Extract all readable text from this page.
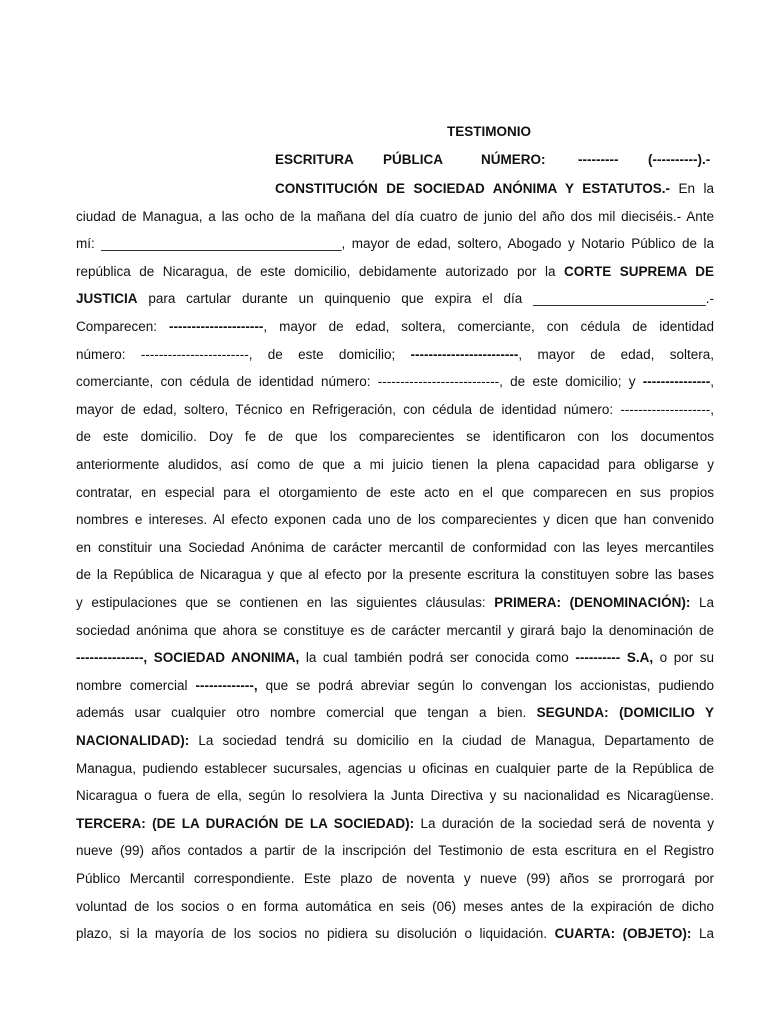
TESTIMONIO
ESCRITURA PÚBLICA	NÚMERO: --------- (----------).-
CONSTITUCIÓN DE SOCIEDAD ANÓNIMA Y ESTATUTOS.- En la
ciudad de Managua, a las ocho de la mañana del día cuatro de junio del año dos mil dieciséis.- Ante
mí: ________________________________, mayor de edad, soltero, Abogado y Notario Público de la
república de Nicaragua, de este domicilio, debidamente autorizado por la CORTE SUPREMA DE
JUSTICIA para cartular durante un quinquenio que expira el día _______________________.-
Comparecen: ---------------------, mayor de edad, soltera, comerciante, con cédula de identidad
número: ------------------------, de este domicilio; ------------------------, mayor de edad, soltera,
comerciante, con cédula de identidad número: ---------------------------, de este domicilio; y ---------------,
mayor de edad, soltero, Técnico en Refrigeración, con cédula de identidad número: --------------------,
de este domicilio. Doy fe de que los comparecientes se identificaron con los documentos
anteriormente aludidos, así como de que a mi juicio tienen la plena capacidad para obligarse y
contratar, en especial para el otorgamiento de este acto en el que comparecen en sus propios
nombres e intereses. Al efecto exponen cada uno de los comparecientes y dicen que han convenido
en constituir una Sociedad Anónima de carácter mercantil de conformidad con las leyes mercantiles
de la República de Nicaragua y que al efecto por la presente escritura la constituyen sobre las bases
y estipulaciones que se contienen en las siguientes cláusulas: PRIMERA: (DENOMINACIÓN): La
sociedad anónima que ahora se constituye es de carácter mercantil y girará bajo la denominación de
---------------, SOCIEDAD ANONIMA, la cual también podrá ser conocida como ---------- S.A, o por su
nombre comercial -------------, que se podrá abreviar según lo convengan los accionistas, pudiendo
además usar cualquier otro nombre comercial que tengan a bien. SEGUNDA: (DOMICILIO Y
NACIONALIDAD): La sociedad tendrá su domicilio en la ciudad de Managua, Departamento de
Managua, pudiendo establecer sucursales, agencias u oficinas en cualquier parte de la República de
Nicaragua o fuera de ella, según lo resolviera la Junta Directiva y su nacionalidad es Nicaragüense.
TERCERA: (DE LA DURACIÓN DE LA SOCIEDAD): La duración de la sociedad será de noventa y
nueve (99) años contados a partir de la inscripción del Testimonio de esta escritura en el Registro
Público Mercantil correspondiente. Este plazo de noventa y nueve (99) años se prorrogará por
voluntad de los socios o en forma automática en seis (06) meses antes de la expiración de dicho
plazo, si la mayoría de los socios no pidiera su disolución o liquidación. CUARTA: (OBJETO): La
